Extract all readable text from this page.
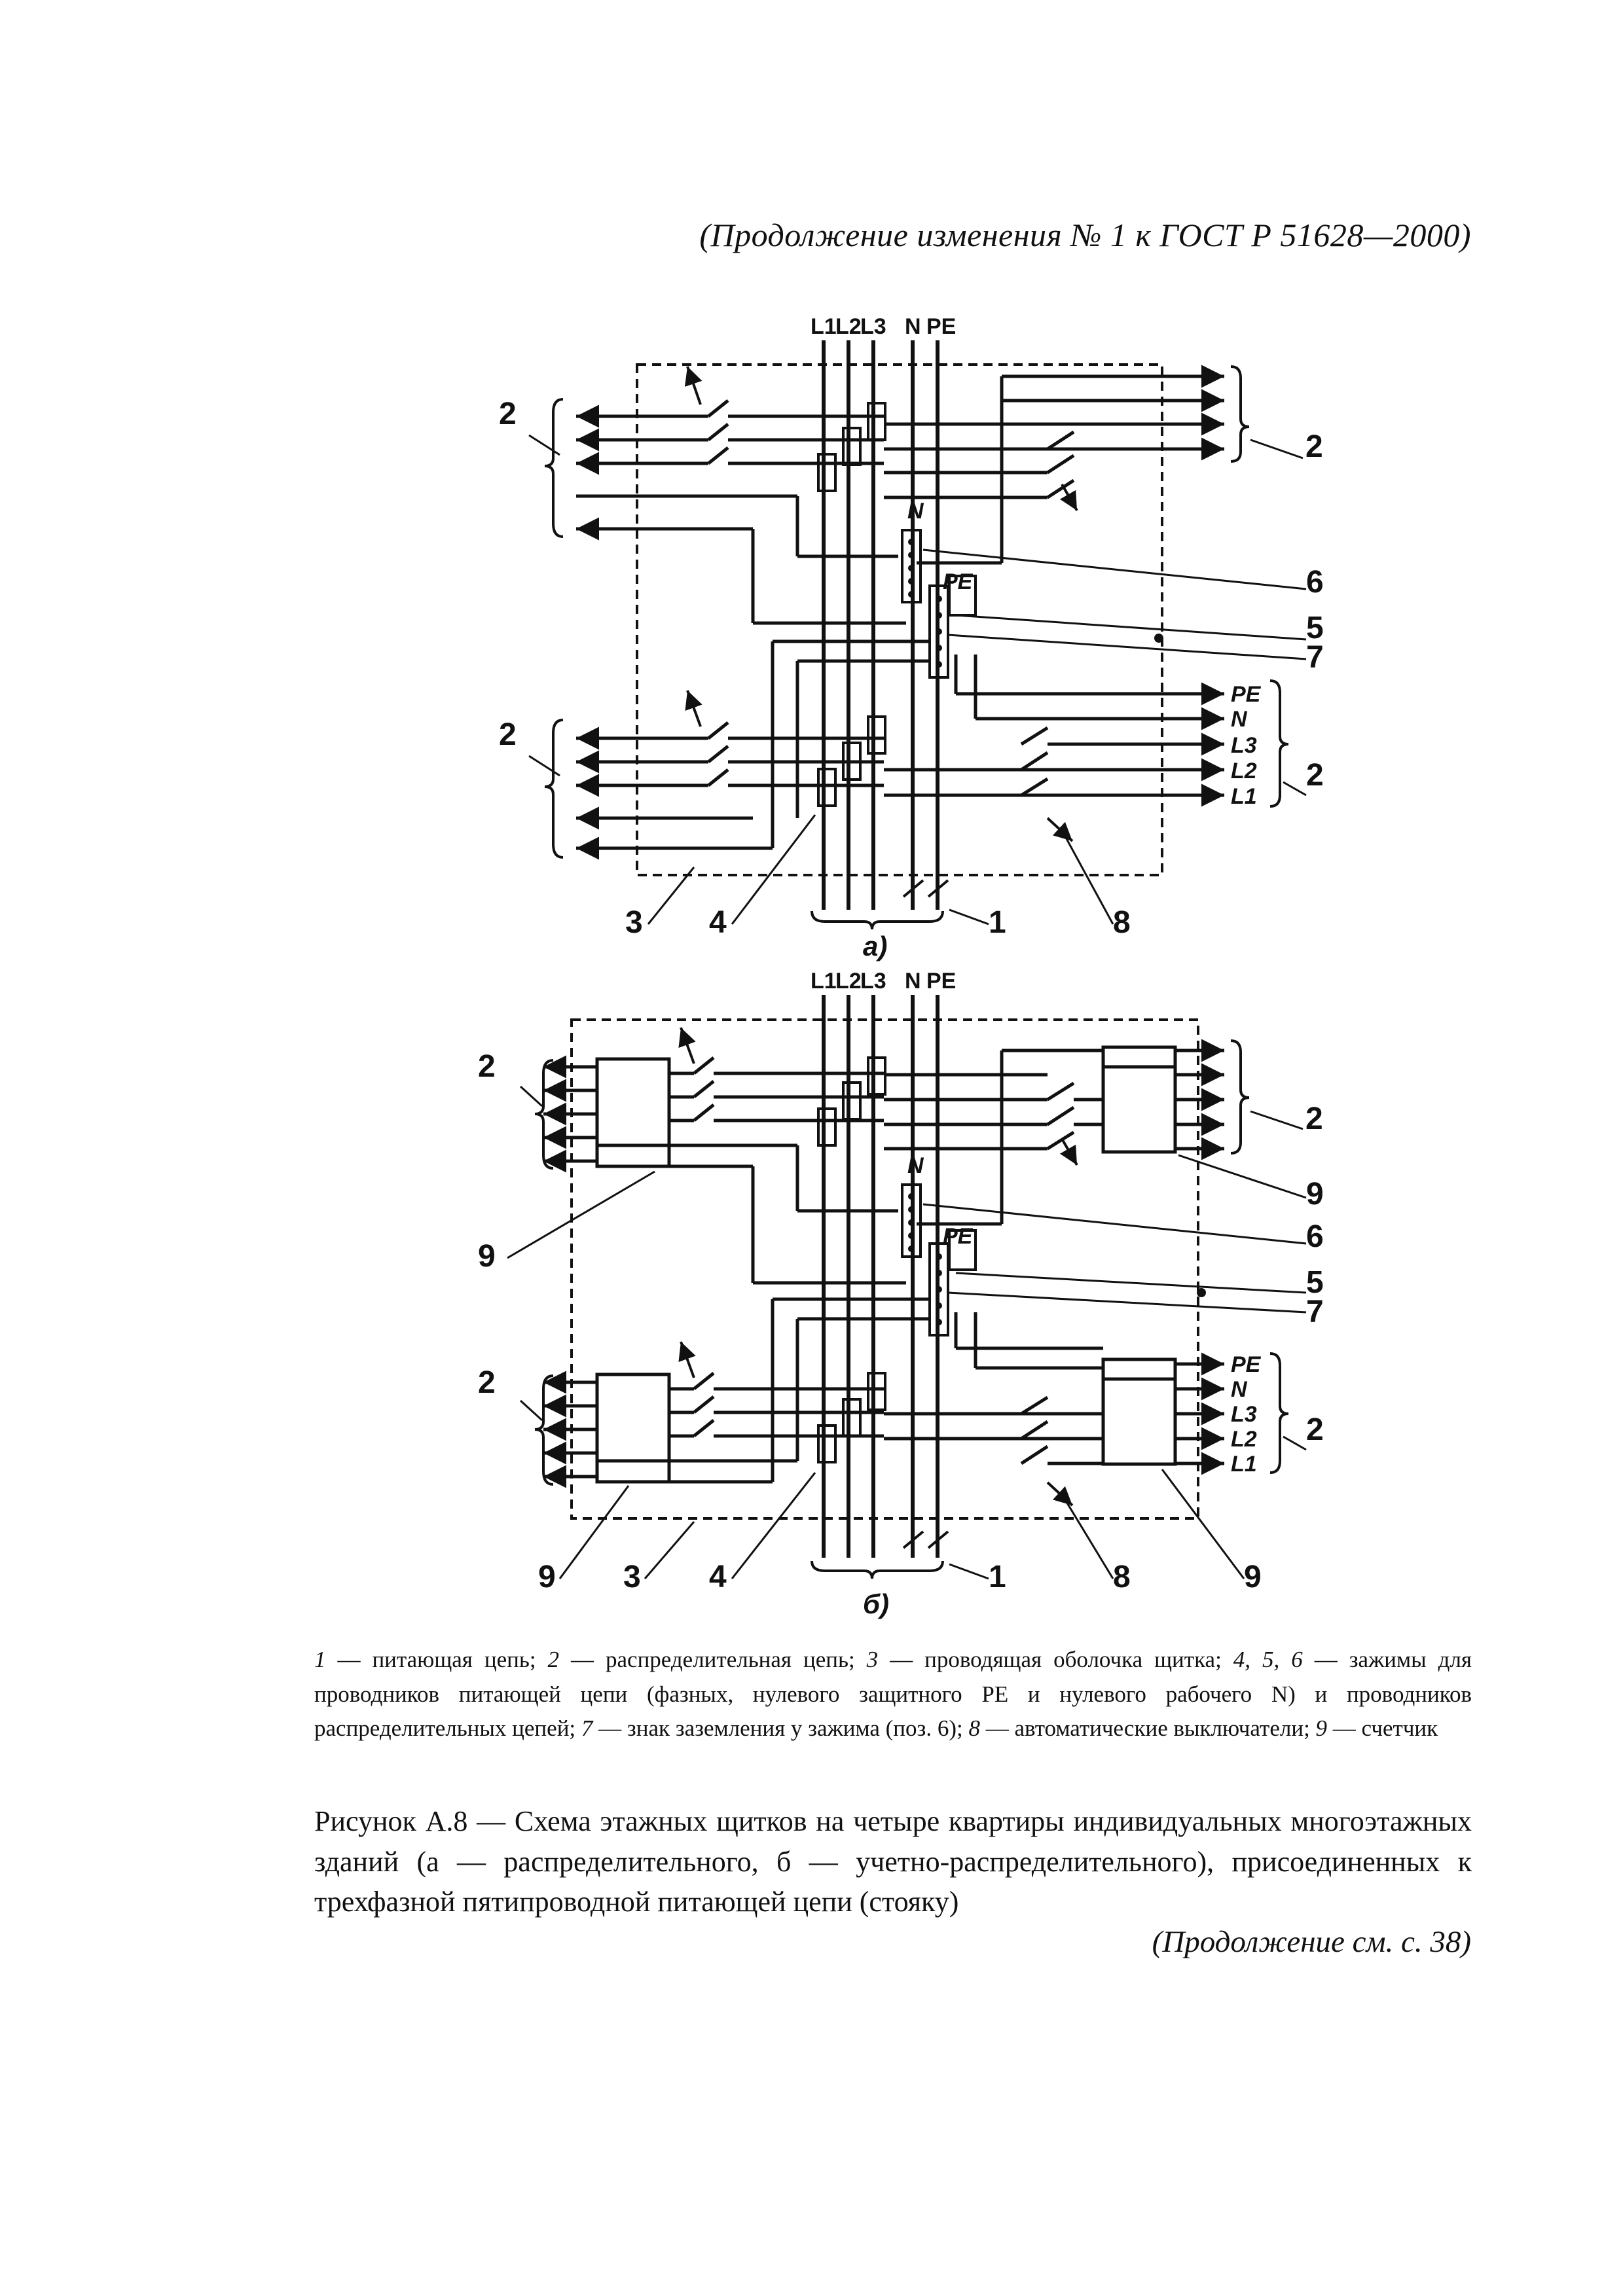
(Продолжение изменения № 1 к ГОСТ Р 51628—2000)
L1
L2
L3 N PE
N
PE
PE
N
L3
L2
L1
2
2
2
2
6
5
7
3 4	1	8
а)
L1
L2
L3 N PE
N
PE
PE
N
L3
L2
L1
2
2
2
2
9
9
6
5
7
9 3 4	1	8	9
б)
1 — питающая цепь; 2 — распределительная цепь; 3 — проводящая оболочка щитка; 4, 5, 6 — зажимы для проводников питающей цепи (фазных, нулевого защитного PE и нулевого рабочего N) и проводников распределительных цепей; 7 — знак заземления у зажима (поз. 6); 8 — автоматические выключатели; 9 — счетчик
Рисунок А.8 — Схема этажных щитков на четыре квартиры индивидуальных многоэтажных зданий (а — распределительного, б — учетно-распределительного), присоединенных к трехфазной пятипроводной питающей цепи (стояку)
(Продолжение см. с. 38)
